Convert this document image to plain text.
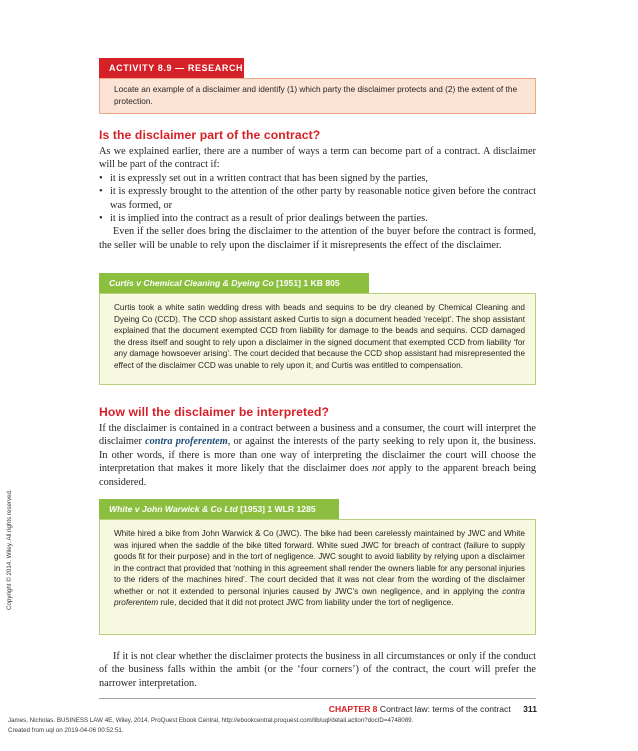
ACTIVITY 8.9 — RESEARCH
Locate an example of a disclaimer and identify (1) which party the disclaimer protects and (2) the extent of the protection.
Is the disclaimer part of the contract?

As we explained earlier, there are a number of ways a term can become part of a contract. A disclaimer will be part of the contract if:

• it is expressly set out in a written contract that has been signed by the parties,
• it is expressly brought to the attention of the other party by reasonable notice given before the contract was formed, or
• it is implied into the contract as a result of prior dealings between the parties.

Even if the seller does bring the disclaimer to the attention of the buyer before the contract is formed, the seller will be unable to rely upon the disclaimer if it misrepresents the effect of the disclaimer.

Curtis v Chemical Cleaning & Dyeing Co
[1951] 1 KB 805
Curtis took a white satin wedding dress with beads and sequins to be dry cleaned by Chemical Cleaning and Dyeing Co (CCD). The CCD shop assistant asked Curtis to sign a document headed ‘receipt’. The shop assistant explained that the document exempted CCD from liability for damage to the beads and sequins. CCD damaged the dress itself and sought to rely upon a disclaimer in the signed document that exempted CCD from liability ‘for any damage howsoever arising’. The court decided that because the CCD shop assistant had misrepresented the effect of the disclaimer CCD was unable to rely upon it, and Curtis was entitled to compensation.
How will the disclaimer be interpreted?

If the disclaimer is contained in a contract between a business and a consumer, the court will interpret the disclaimer contra proferentem, or against the interests of the party seeking to rely upon it, the business. In other words, if there is more than one way of interpreting the disclaimer the court will choose the interpretation that makes it more likely that the disclaimer does not apply to the apparent breach being considered.

White v John Warwick & Co Ltd
[1953] 1 WLR 1285
White hired a bike from John Warwick & Co (JWC). The bike had been carelessly maintained by JWC and White was injured when the saddle of the bike tilted forward. White sued JWC for breach of contract (failure to supply goods fit for their purpose) and in the tort of negligence. JWC sought to avoid liability by relying upon a disclaimer in the contract that provided that ‘nothing in this agreement shall render the owners liable for any personal injuries to the riders of the machines hired’. The court decided that it was not clear from the wording of the disclaimer whether or not it extended to personal injuries caused by JWC’s own negligence, and in applying the contra proferentem rule, decided that it did not protect JWC from liability under the tort of negligence.

If it is not clear whether the disclaimer protects the business in all circumstances or only if the conduct of the business falls within the ambit (or the ‘four corners’) of the contract, the court will prefer the narrower interpretation.

CHAPTER 8 Contract law: terms of the contract 311
James, Nicholas. BUSINESS LAW 4E, Wiley, 2014. ProQuest Ebook Central, http://ebookcentral.proquest.com/lib/uql/detail.action?docID=4748089.
Created from uql on 2019-04-06 00:52:51.
Copyright © 2014. Wiley. All rights reserved.
